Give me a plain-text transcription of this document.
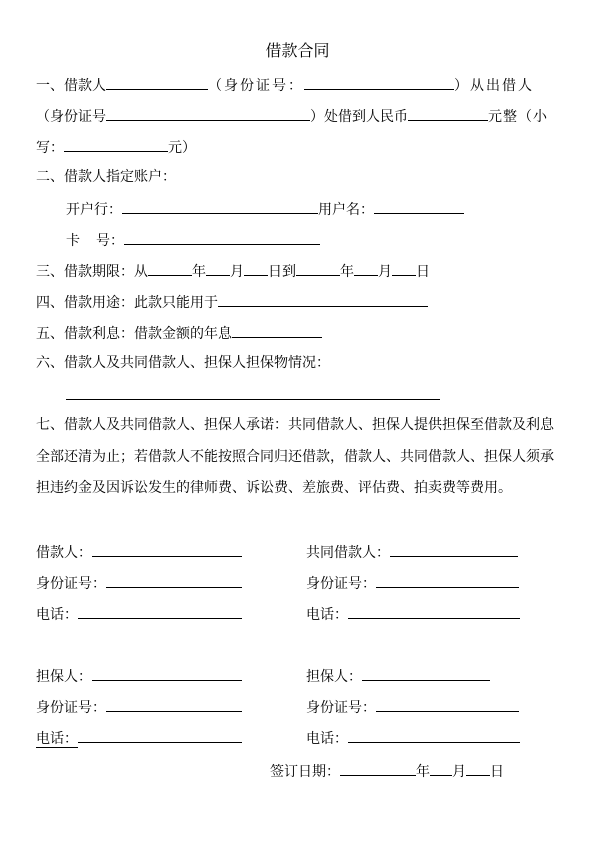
借款合同
一、借款人	（身份证号：	）从出借人
（身份证号	）处借到人民币	元整（小
写：	元）
二、借款人指定账户：
开户行：	用户名：
卡 号：
三、借款期限：从	年 月 日到	年 月 日
四、借款用途：此款只能用于
五、借款利息：借款金额的年息
六、借款人及共同借款人、担保人担保物情况：
七、借款人及共同借款人、担保人承诺：共同借款人、担保人提供担保至借款及利息全部还清为止；若借款人不能按照合同归还借款，借款人、共同借款人、担保人须承担违约金及因诉讼发生的律师费、诉讼费、差旅费、评估费、拍卖费等费用。
借款人：	共同借款人：
身份证号：	身份证号：
电话：	电话：
担保人：	担保人：
身份证号：	身份证号：
电话：	电话：
签订日期：	年 月 日
